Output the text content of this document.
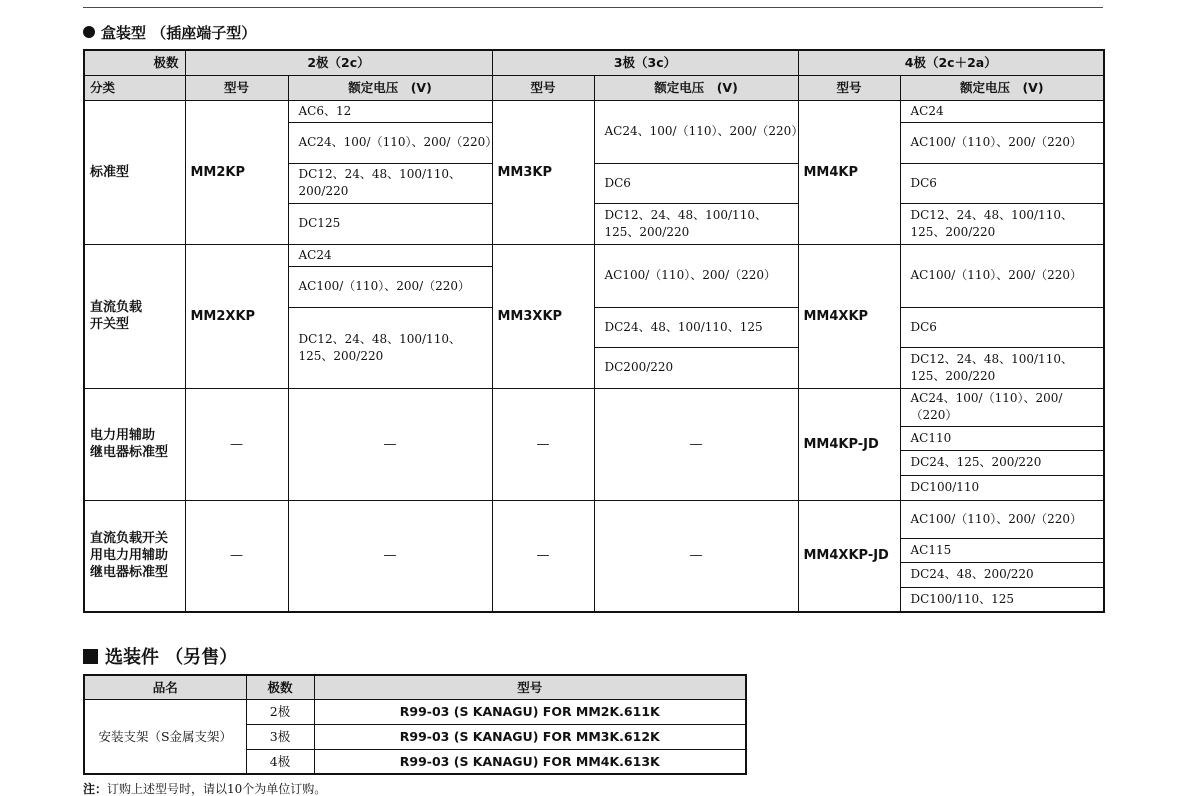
盒装型 （插座端子型）
极数	2极（2c）		3极（3c）		4极（2c＋2a）	
分类	型号	额定电压　(V)	型号	额定电压　(V)	型号	额定电压　(V)

标准型	MM2KP	AC6、12	MM3KP	AC24、100/（110）、200/（220）	MM4KP	AC24
		AC24、100/（110）、200/（220）				AC100/（110）、200/（220）
		DC12、24、48、100/110、200/220		DC6		DC6
		DC125		DC12、24、48、100/110、125、200/220		DC12、24、48、100/110、125、200/220

直流负载
开关型	MM2XKP	AC24	MM3XKP	AC100/（110）、200/（220）	MM4XKP	AC100/（110）、200/（220）
		AC100/（110）、200/（220）				
		DC12、24、48、100/110、125、200/220		DC24、48、100/110、125		DC6
				DC200/220		DC12、24、48、100/110、125、200/220

电力用辅助
继电器标准型	—	—	—	—	MM4KP-JD	AC24、100/（110）、200/（220）
						AC110
						DC24、125、200/220
						DC100/110

直流负载开关
用电力用辅助
继电器标准型	—	—	—	—	MM4XKP-JD	AC100/（110）、200/（220）
						AC115
						DC24、48、200/220
						DC100/110、125
选装件 （另售）
品名	极数	型号
安装支架（S金属支架）	2极	R99-03 (S KANAGU) FOR MM2K.611K
	3极	R99-03 (S KANAGU) FOR MM3K.612K
	4极	R99-03 (S KANAGU) FOR MM4K.613K
注：订购上述型号时，请以10个为单位订购。
